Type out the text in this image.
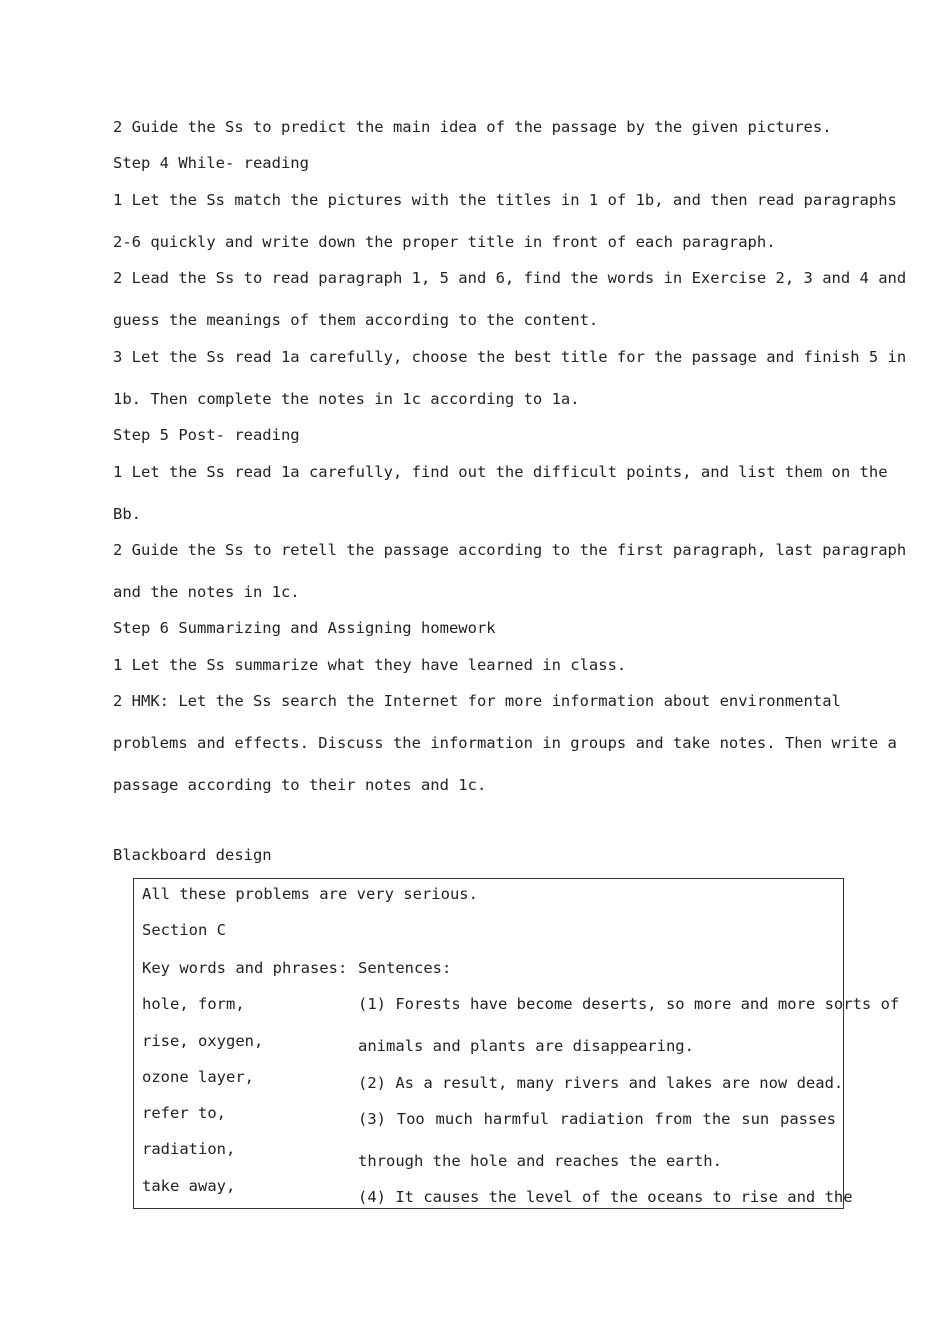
2 Guide the Ss to predict the main idea of the passage by the given pictures.
Step 4 While- reading
1 Let the Ss match the pictures with the titles in 1 of 1b, and then read paragraphs
2-6 quickly and write down the proper title in front of each paragraph.
2 Lead the Ss to read paragraph 1, 5 and 6, find the words in Exercise 2, 3 and 4 and
guess the meanings of them according to the content.
3 Let the Ss read 1a carefully, choose the best title for the passage and finish 5 in
1b. Then complete the notes in 1c according to 1a.
Step 5 Post- reading
1 Let the Ss read 1a carefully, find out the difficult points, and list them on the
Bb.
2 Guide the Ss to retell the passage according to the first paragraph, last paragraph
and the notes in 1c.
Step 6 Summarizing and Assigning homework
1 Let the Ss summarize what they have learned in class.
2 HMK: Let the Ss search the Internet for more information about environmental
problems and effects. Discuss the information in groups and take notes. Then write a
passage according to their notes and 1c.
Blackboard design
All these problems are very serious.
Section C
Key words and phrases: Sentences:
hole, form,
rise, oxygen,
ozone layer,
refer to,
radiation,
take away,
(1) Forests have become deserts, so more and more sorts of
animals and plants are disappearing.
(2) As a result, many rivers and lakes are now dead.
(3) Too much harmful radiation from the sun passes
through the hole and reaches the earth.
(4) It causes the level of the oceans to rise and the
